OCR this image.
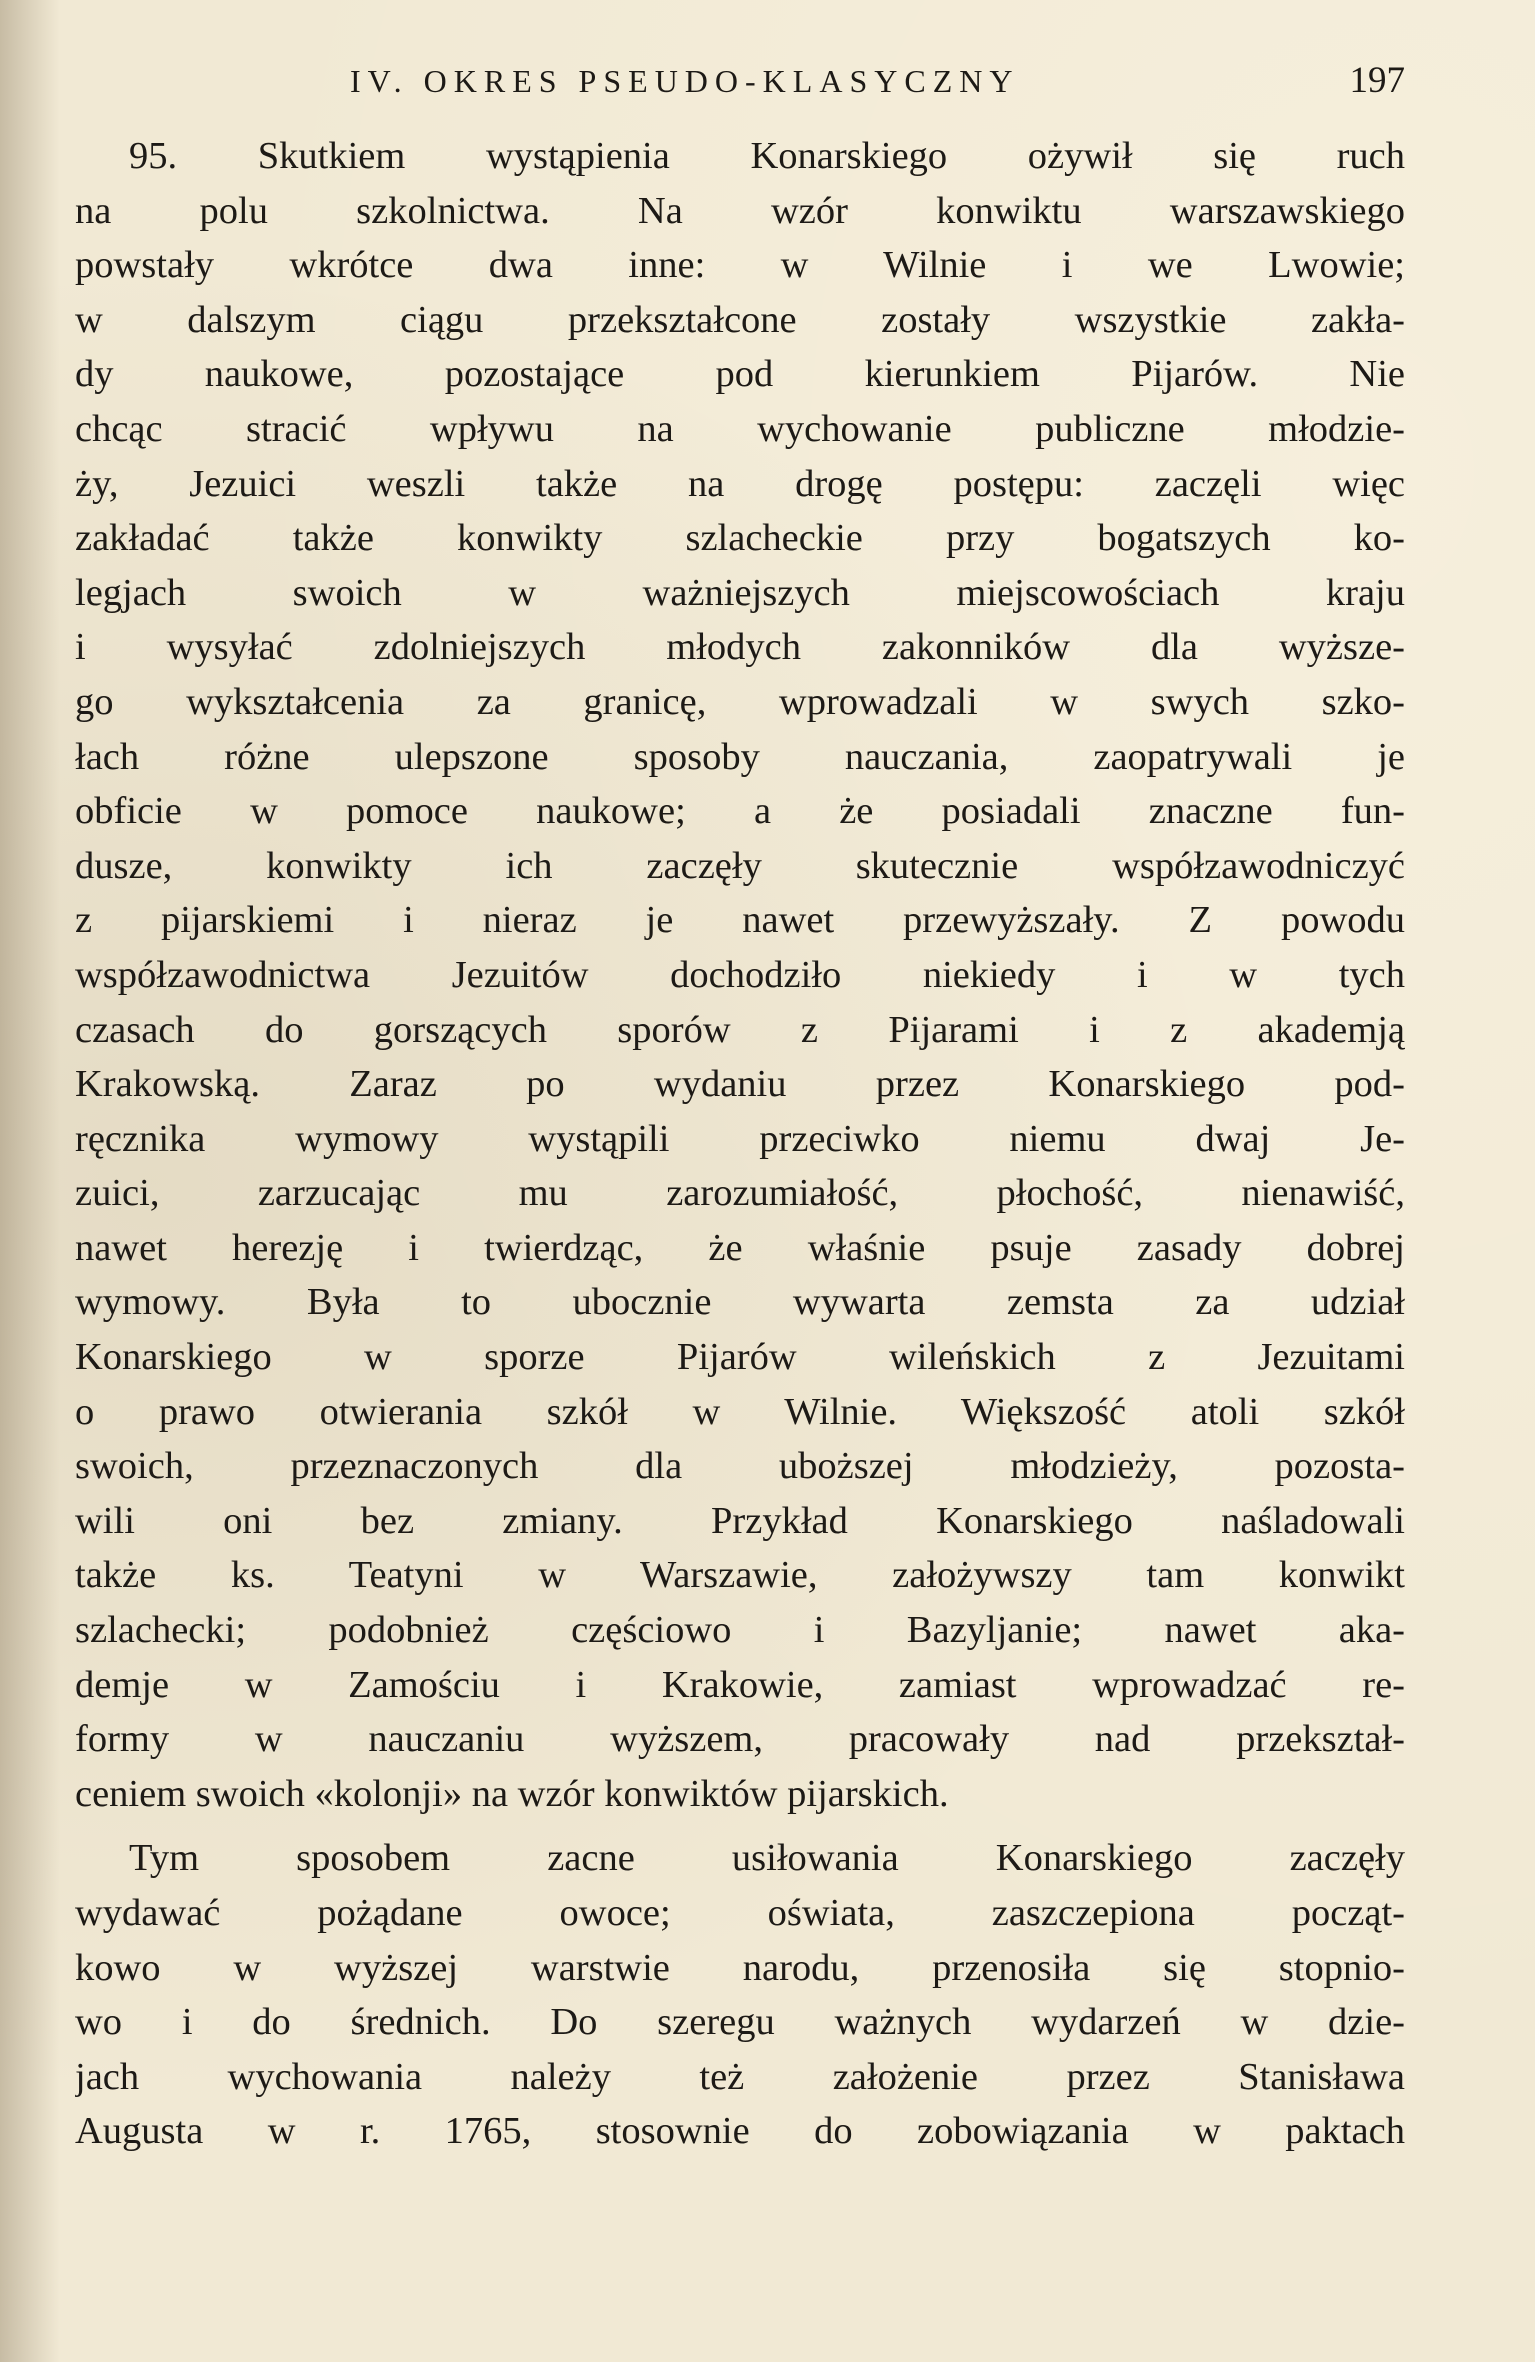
IV. OKRES PSEUDO-KLASYCZNY	197
95. Skutkiem wystąpienia Konarskiego ożywił się ruch
na polu szkolnictwa. Na wzór konwiktu warszawskiego
powstały wkrótce dwa inne: w Wilnie i we Lwowie;
w dalszym ciągu przekształcone zostały wszystkie zakła-
dy naukowe, pozostające pod kierunkiem Pijarów. Nie
chcąc stracić wpływu na wychowanie publiczne młodzie-
ży, Jezuici weszli także na drogę postępu: zaczęli więc
zakładać także konwikty szlacheckie przy bogatszych ko-
legjach swoich w ważniejszych miejscowościach kraju
i wysyłać zdolniejszych młodych zakonników dla wyższe-
go wykształcenia za granicę, wprowadzali w swych szko-
łach różne ulepszone sposoby nauczania, zaopatrywali je
obficie w pomoce naukowe; a że posiadali znaczne fun-
dusze, konwikty ich zaczęły skutecznie współzawodniczyć
z pijarskiemi i nieraz je nawet przewyższały. Z powodu
współzawodnictwa Jezuitów dochodziło niekiedy i w tych
czasach do gorszących sporów z Pijarami i z akademją
Krakowską. Zaraz po wydaniu przez Konarskiego pod-
ręcznika wymowy wystąpili przeciwko niemu dwaj Je-
zuici, zarzucając mu zarozumiałość, płochość, nienawiść,
nawet herezję i twierdząc, że właśnie psuje zasady dobrej
wymowy. Była to ubocznie wywarta zemsta za udział
Konarskiego w sporze Pijarów wileńskich z Jezuitami
o prawo otwierania szkół w Wilnie. Większość atoli szkół
swoich, przeznaczonych dla uboższej młodzieży, pozosta-
wili oni bez zmiany. Przykład Konarskiego naśladowali
także ks. Teatyni w Warszawie, założywszy tam konwikt
szlachecki; podobnież częściowo i Bazyljanie; nawet aka-
demje w Zamościu i Krakowie, zamiast wprowadzać re-
formy w nauczaniu wyższem, pracowały nad przekształ-
ceniem swoich «kolonji» na wzór konwiktów pijarskich.
Tym sposobem zacne usiłowania Konarskiego zaczęły
wydawać pożądane owoce; oświata, zaszczepiona począt-
kowo w wyższej warstwie narodu, przenosiła się stopnio-
wo i do średnich. Do szeregu ważnych wydarzeń w dzie-
jach wychowania należy też założenie przez Stanisława
Augusta w r. 1765, stosownie do zobowiązania w paktach
